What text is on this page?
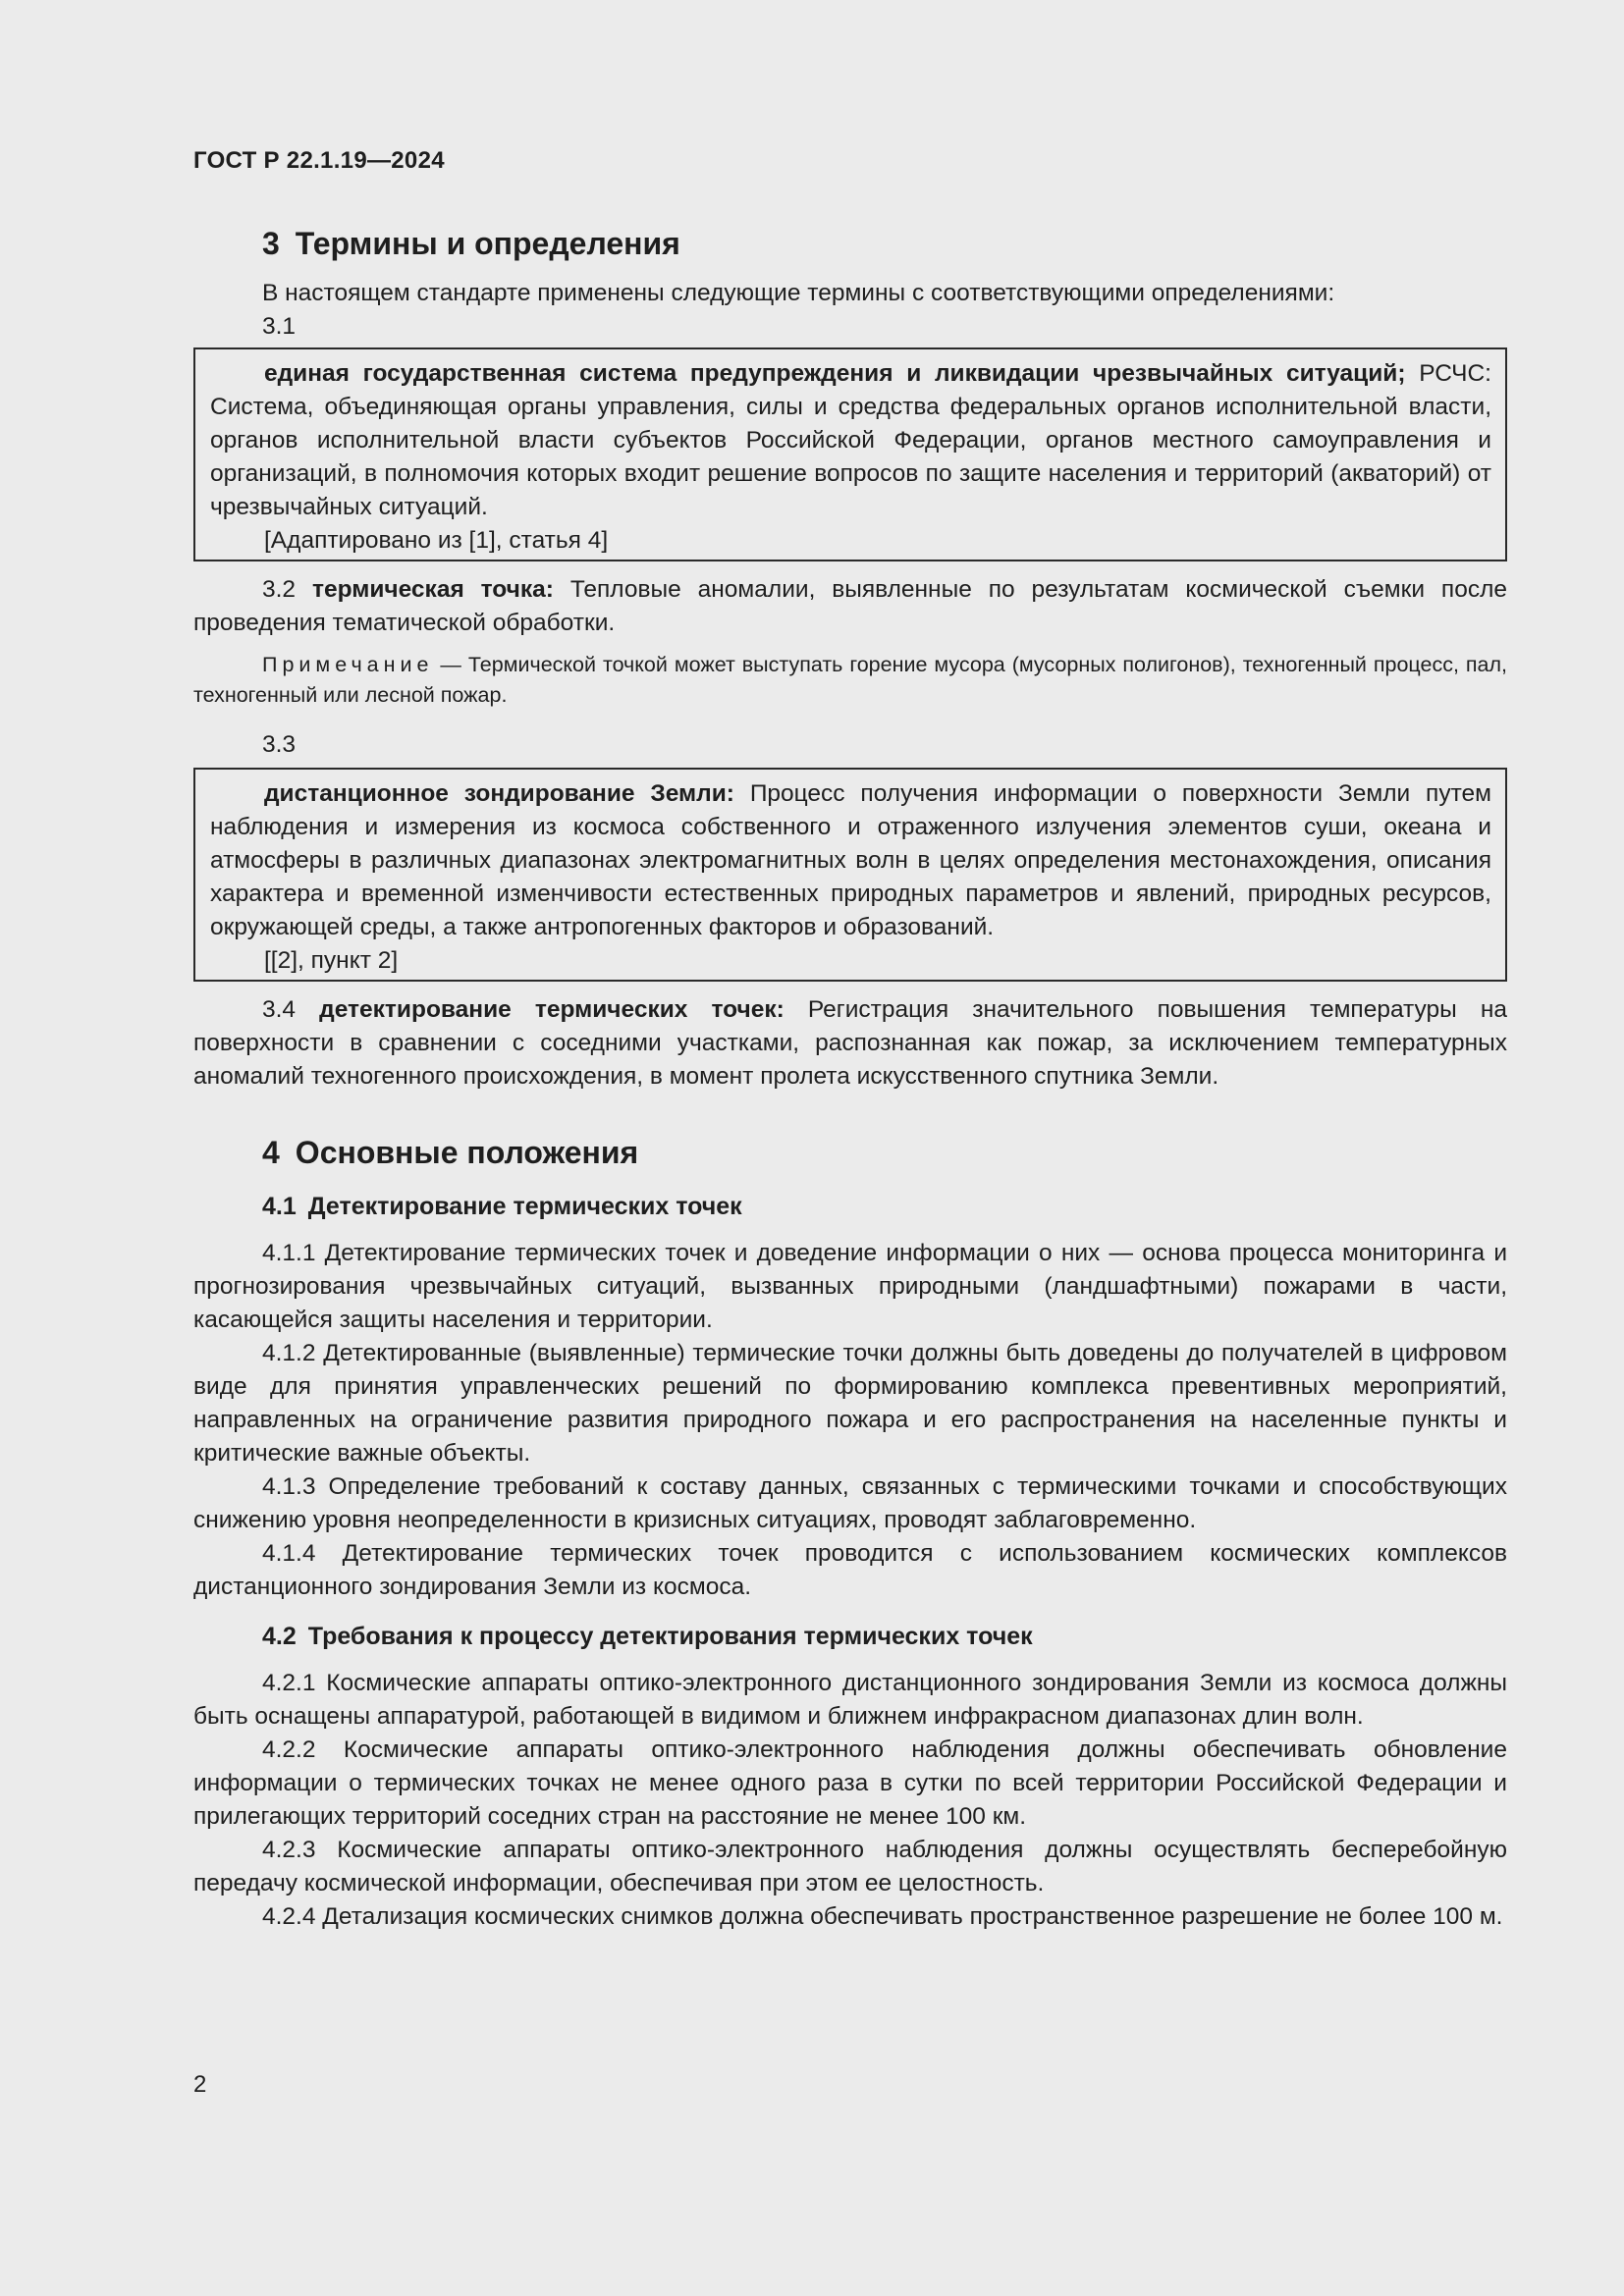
ГОСТ Р 22.1.19—2024
3 Термины и определения

В настоящем стандарте применены следующие термины с соответствующими определениями:

3.1

единая государственная система предупреждения и ликвидации чрезвычайных ситуаций; РСЧС: Система, объединяющая органы управления, силы и средства федеральных органов исполнительной власти, органов исполнительной власти субъектов Российской Федерации, органов местного самоуправления и организаций, в полномочия которых входит решение вопросов по защите населения и территорий (акваторий) от чрезвычайных ситуаций.

[Адаптировано из [1], статья 4]

3.2 термическая точка: Тепловые аномалии, выявленные по результатам космической съемки после проведения тематической обработки.

Примечание — Термической точкой может выступать горение мусора (мусорных полигонов), техногенный процесс, пал, техногенный или лесной пожар.

3.3

дистанционное зондирование Земли: Процесс получения информации о поверхности Земли путем наблюдения и измерения из космоса собственного и отраженного излучения элементов суши, океана и атмосферы в различных диапазонах электромагнитных волн в целях определения местонахождения, описания характера и временной изменчивости естественных природных параметров и явлений, природных ресурсов, окружающей среды, а также антропогенных факторов и образований.

[[2], пункт 2]

3.4 детектирование термических точек: Регистрация значительного повышения температуры на поверхности в сравнении с соседними участками, распознанная как пожар, за исключением температурных аномалий техногенного происхождения, в момент пролета искусственного спутника Земли.

4 Основные положения
4.1 Детектирование термических точек

4.1.1 Детектирование термических точек и доведение информации о них — основа процесса мониторинга и прогнозирования чрезвычайных ситуаций, вызванных природными (ландшафтными) пожарами в части, касающейся защиты населения и территории.

4.1.2 Детектированные (выявленные) термические точки должны быть доведены до получателей в цифровом виде для принятия управленческих решений по формированию комплекса превентивных мероприятий, направленных на ограничение развития природного пожара и его распространения на населенные пункты и критические важные объекты.

4.1.3 Определение требований к составу данных, связанных с термическими точками и способствующих снижению уровня неопределенности в кризисных ситуациях, проводят заблаговременно.

4.1.4 Детектирование термических точек проводится с использованием космических комплексов дистанционного зондирования Земли из космоса.

4.2 Требования к процессу детектирования термических точек

4.2.1 Космические аппараты оптико-электронного дистанционного зондирования Земли из космоса должны быть оснащены аппаратурой, работающей в видимом и ближнем инфракрасном диапазонах длин волн.

4.2.2 Космические аппараты оптико-электронного наблюдения должны обеспечивать обновление информации о термических точках не менее одного раза в сутки по всей территории Российской Федерации и прилегающих территорий соседних стран на расстояние не менее 100 км.

4.2.3 Космические аппараты оптико-электронного наблюдения должны осуществлять бесперебойную передачу космической информации, обеспечивая при этом ее целостность.

4.2.4 Детализация космических снимков должна обеспечивать пространственное разрешение не более 100 м.

2
